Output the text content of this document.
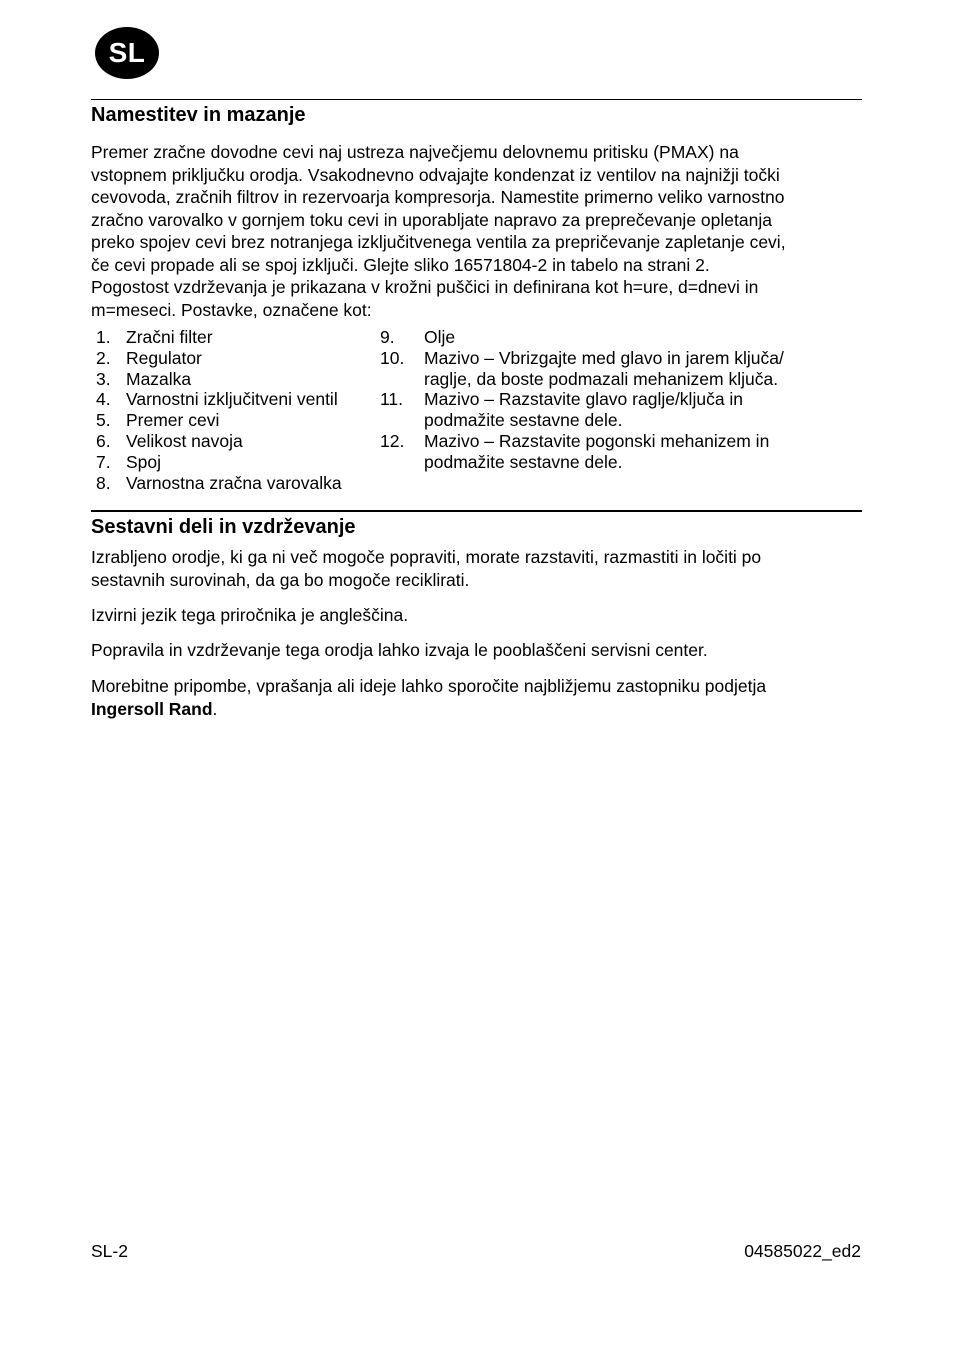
SL
Namestitev in mazanje

Premer zračne dovodne cevi naj ustreza največjemu delovnemu pritisku (PMAX) na
vstopnem priključku orodja. Vsakodnevno odvajajte kondenzat iz ventilov na najnižji točki
cevovoda, zračnih filtrov in rezervoarja kompresorja. Namestite primerno veliko varnostno
zračno varovalko v gornjem toku cevi in uporabljate napravo za preprečevanje opletanja
preko spojev cevi brez notranjega izključitvenega ventila za prepričevanje zapletanje cevi,
če cevi propade ali se spoj izključi. Glejte sliko 16571804-2 in tabelo na strani 2.
Pogostost vzdrževanja je prikazana v krožni puščici in definirana kot h=ure, d=dnevi in
m=meseci. Postavke, označene kot:

1. Zračni filter
2. Regulator
3. Mazalka
4. Varnostni izključitveni ventil
5. Premer cevi
6. Velikost navoja
7. Spoj
8. Varnostna zračna varovalka
9.	Olje
10.	Mazivo – Vbrizgajte med glavo in jarem ključa/
raglje, da boste podmazali mehanizem ključa.
11.	Mazivo – Razstavite glavo raglje/ključa in
podmažite sestavne dele.
12.	Mazivo – Razstavite pogonski mehanizem in
podmažite sestavne dele.
Sestavni deli in vzdrževanje

Izrabljeno orodje, ki ga ni več mogoče popraviti, morate razstaviti, razmastiti in ločiti po
sestavnih surovinah, da ga bo mogoče reciklirati.

Izvirni jezik tega priročnika je angleščina.

Popravila in vzdrževanje tega orodja lahko izvaja le pooblaščeni servisni center.

Morebitne pripombe, vprašanja ali ideje lahko sporočite najbližjemu zastopniku podjetja
Ingersoll Rand.

SL-2	04585022_ed2
